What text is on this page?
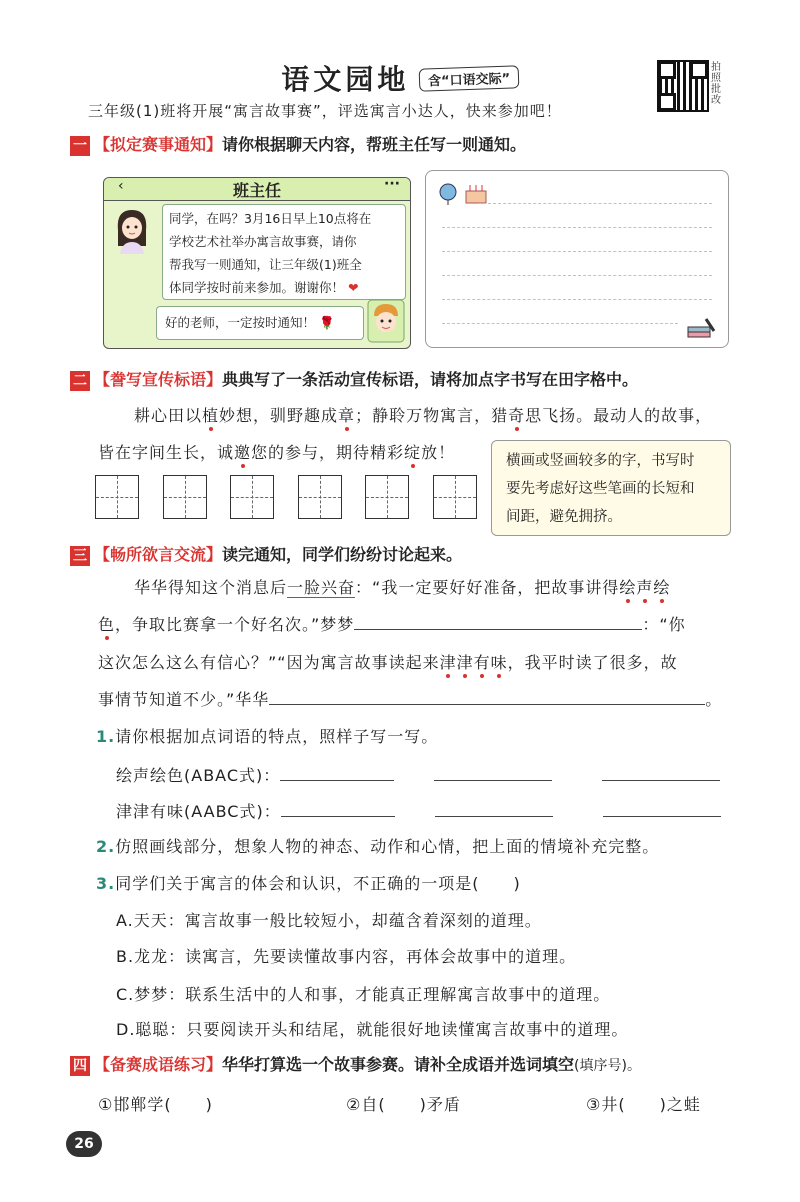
语文园地 含“口语交际”
拍照批改
三年级(1)班将开展“寓言故事赛”，评选寓言小达人，快来参加吧！
一 【拟定赛事通知】请你根据聊天内容，帮班主任写一则通知。
‹	班主任	···
同学，在吗？3月16日早上10点将在
学校艺术社举办寓言故事赛，请你
帮我写一则通知，让三年级(1)班全
体同学按时前来参加。谢谢你！ ❤
好的老师，一定按时通知！ 🌹
二 【誊写宣传标语】典典写了一条活动宣传标语，请将加点字书写在田字格中。
耕心田以植妙想，驯野趣成章；静聆万物寓言，猎奇思飞扬。最动人的故事，
皆在字间生长，诚邀您的参与，期待精彩绽放！	横画或竖画较多的字，书写时
要先考虑好这些笔画的长短和
间距，避免拥挤。
三 【畅所欲言交流】读完通知，同学们纷纷讨论起来。
华华得知这个消息后一脸兴奋：“我一定要好好准备，把故事讲得绘声绘
色，争取比赛拿一个好名次。”梦梦	：“你
这次怎么这么有信心？”“因为寓言故事读起来津津有味，我平时读了很多，故
事情节知道不少。”华华	。
1.请你根据加点词语的特点，照样子写一写。
绘声绘色(ABAC式)：
津津有味(AABC式)：
2.仿照画线部分，想象人物的神态、动作和心情，把上面的情境补充完整。
3.同学们关于寓言的体会和认识，不正确的一项是(　　)
A.天天：寓言故事一般比较短小，却蕴含着深刻的道理。
B.龙龙：读寓言，先要读懂故事内容，再体会故事中的道理。
C.梦梦：联系生活中的人和事，才能真正理解寓言故事中的道理。
D.聪聪：只要阅读开头和结尾，就能很好地读懂寓言故事中的道理。
四 【备赛成语练习】华华打算选一个故事参赛。请补全成语并选词填空(填序号)。
①邯郸学(　　)	②自(　　)矛盾	③井(　　)之蛙
26
